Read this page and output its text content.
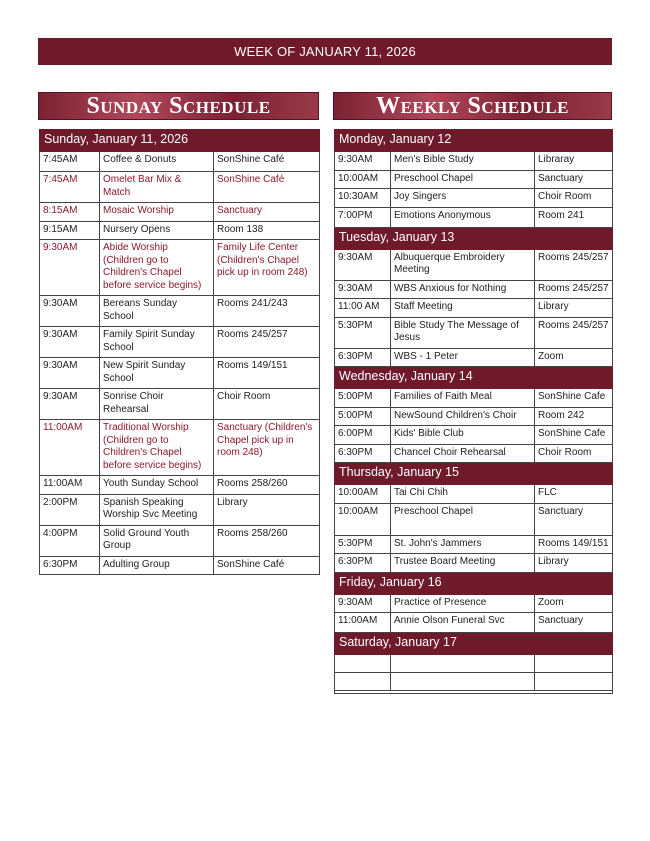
WEEK OF JANUARY 11, 2026
Sunday Schedule	Weekly Schedule
Sunday, January 11, 2026		
7:45AM	Coffee & Donuts	SonShine Café
7:45AM	Omelet Bar Mix & Match	SonShine Café
8:15AM	Mosaic Worship	Sanctuary
9:15AM	Nursery Opens	Room 138
9:30AM	Abide Worship (Children go to Children's Chapel before service begins)	Family Life Center (Children's Chapel pick up in room 248)
9:30AM	Bereans Sunday School	Rooms 241/243
9:30AM	Family Spirit Sunday School	Rooms 245/257
9:30AM	New Spirit Sunday School	Rooms 149/151
9:30AM	Sonrise Choir Rehearsal	Choir Room
11:00AM	Traditional Worship (Children go to Children's Chapel before service begins)	Sanctuary (Children's Chapel pick up in room 248)
11:00AM	Youth Sunday School	Rooms 258/260
2:00PM	Spanish Speaking Worship Svc Meeting	Library
4:00PM	Solid Ground Youth Group	Rooms 258/260
6:30PM	Adulting Group	SonShine Café
Monday, January 12		
9:30AM	Men's Bible Study	Libraray
10:00AM	Preschool Chapel	Sanctuary
10:30AM	Joy Singers	Choir Room
7:00PM	Emotions Anonymous	Room 241
Tuesday, January 13		
9:30AM	Albuquerque Embroidery Meeting	Rooms 245/257
9:30AM	WBS Anxious for Nothing	Rooms 245/257
11:00 AM	Staff Meeting	Library
5:30PM	Bible Study The Message of Jesus	Rooms 245/257
6:30PM	WBS - 1 Peter	Zoom
Wednesday, January 14		
5:00PM	Families of Faith Meal	SonShine Cafe
5:00PM	NewSound Children's Choir	Room 242
6:00PM	Kids' Bible Club	SonShine Cafe
6:30PM	Chancel Choir Rehearsal	Choir Room
Thursday, January 15		
10:00AM	Tai Chi Chih	FLC
10:00AM	Preschool Chapel	Sanctuary
5:30PM	St. John's Jammers	Rooms 149/151
6:30PM	Trustee Board Meeting	Library
Friday, January 16		
9:30AM	Practice of Presence	Zoom
11:00AM	Annie Olson Funeral Svc	Sanctuary
Saturday, January 17		
